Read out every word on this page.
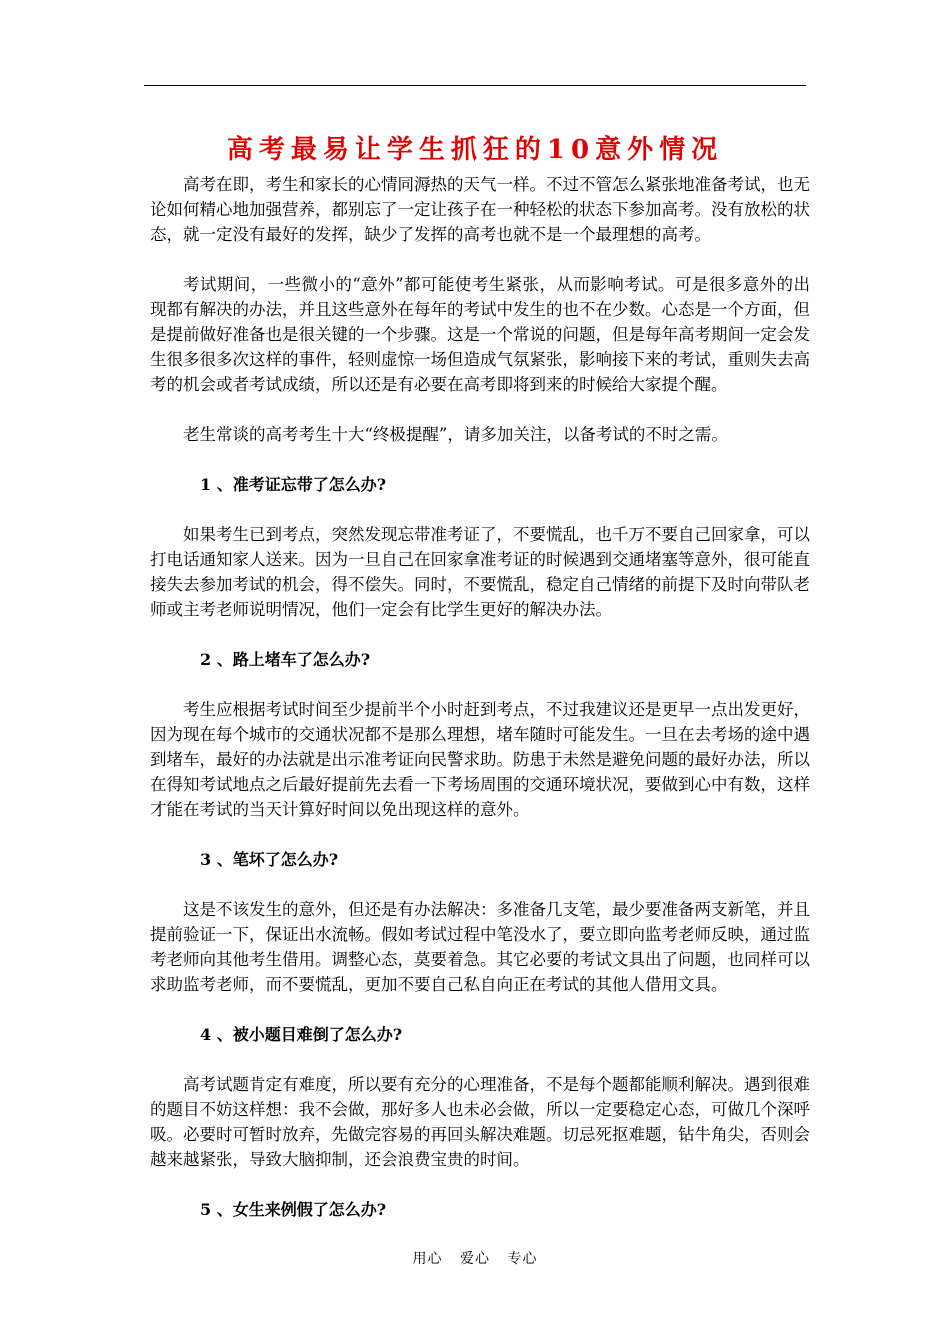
高考最易让学生抓狂的10意外情况

高考在即，考生和家长的心情同溽热的天气一样。不过不管怎么紧张地准备考试，也无论如何精心地加强营养，都别忘了一定让孩子在一种轻松的状态下参加高考。没有放松的状态，就一定没有最好的发挥，缺少了发挥的高考也就不是一个最理想的高考。

考试期间，一些微小的“意外”都可能使考生紧张，从而影响考试。可是很多意外的出现都有解决的办法，并且这些意外在每年的考试中发生的也不在少数。心态是一个方面，但是提前做好准备也是很关键的一个步骤。这是一个常说的问题，但是每年高考期间一定会发生很多很多次这样的事件，轻则虚惊一场但造成气氛紧张，影响接下来的考试，重则失去高考的机会或者考试成绩，所以还是有必要在高考即将到来的时候给大家提个醒。

老生常谈的高考考生十大“终极提醒”，请多加关注，以备考试的不时之需。

1 、准考证忘带了怎么办?

如果考生已到考点，突然发现忘带准考证了，不要慌乱，也千万不要自己回家拿，可以打电话通知家人送来。因为一旦自己在回家拿准考证的时候遇到交通堵塞等意外，很可能直接失去参加考试的机会，得不偿失。同时，不要慌乱，稳定自己情绪的前提下及时向带队老师或主考老师说明情况，他们一定会有比学生更好的解决办法。

2 、路上堵车了怎么办?

考生应根据考试时间至少提前半个小时赶到考点，不过我建议还是更早一点出发更好，因为现在每个城市的交通状况都不是那么理想，堵车随时可能发生。一旦在去考场的途中遇到堵车，最好的办法就是出示准考证向民警求助。防患于未然是避免问题的最好办法，所以在得知考试地点之后最好提前先去看一下考场周围的交通环境状况，要做到心中有数，这样才能在考试的当天计算好时间以免出现这样的意外。

3 、笔坏了怎么办?

这是不该发生的意外，但还是有办法解决：多准备几支笔，最少要准备两支新笔，并且提前验证一下，保证出水流畅。假如考试过程中笔没水了，要立即向监考老师反映，通过监考老师向其他考生借用。调整心态，莫要着急。其它必要的考试文具出了问题，也同样可以求助监考老师，而不要慌乱，更加不要自己私自向正在考试的其他人借用文具。

4 、被小题目难倒了怎么办?

高考试题肯定有难度，所以要有充分的心理准备，不是每个题都能顺利解决。遇到很难的题目不妨这样想：我不会做，那好多人也未必会做，所以一定要稳定心态，可做几个深呼吸。必要时可暂时放弃，先做完容易的再回头解决难题。切忌死抠难题，钻牛角尖，否则会越来越紧张，导致大脑抑制，还会浪费宝贵的时间。

5 、女生来例假了怎么办?
用心 爱心 专心
